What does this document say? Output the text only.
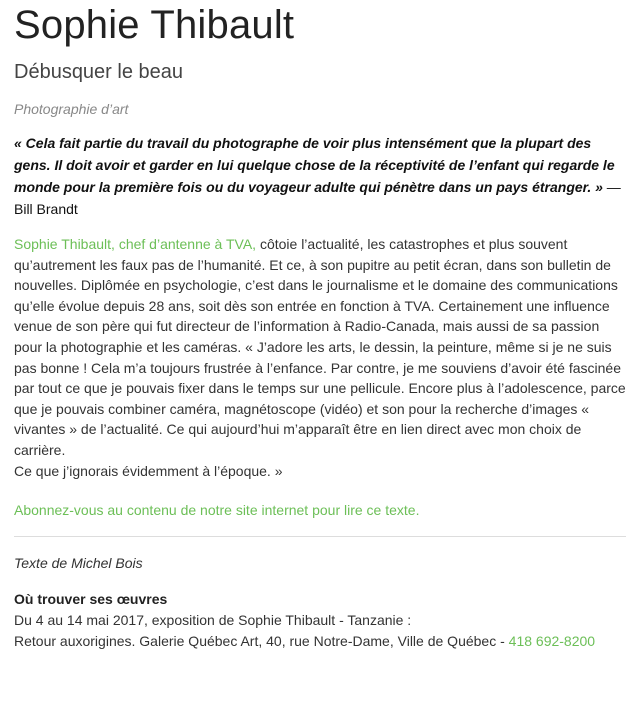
Sophie Thibault
Débusquer le beau
Photographie d’art

« Cela fait partie du travail du photographe de voir plus intensément que la plupart des gens. Il doit avoir et garder en lui quelque chose de la réceptivité de l’enfant qui regarde le monde pour la première fois ou du voyageur adulte qui pénètre dans un pays étranger. » — Bill Brandt

Sophie Thibault, chef d’antenne à TVA, côtoie l’actualité, les catastrophes et plus souvent qu’autrement les faux pas de l’humanité. Et ce, à son pupitre au petit écran, dans son bulletin de nouvelles. Diplômée en psychologie, c’est dans le journalisme et le domaine des communications qu’elle évolue depuis 28 ans, soit dès son entrée en fonction à TVA. Certainement une influence venue de son père qui fut directeur de l’information à Radio-Canada, mais aussi de sa passion pour la photographie et les caméras. « J’adore les arts, le dessin, la peinture, même si je ne suis pas bonne ! Cela m’a toujours frustrée à l’enfance. Par contre, je me souviens d’avoir été fascinée par tout ce que je pouvais fixer dans le temps sur une pellicule. Encore plus à l’adolescence, parce que je pouvais combiner caméra, magnétoscope (vidéo) et son pour la recherche d’images « vivantes » de l’actualité. Ce qui aujourd’hui m’apparaît être en lien direct avec mon choix de carrière.
Ce que j’ignorais évidemment à l’époque. »

Abonnez-vous au contenu de notre site internet pour lire ce texte.
Texte de Michel Bois
Où trouver ses œuvres

Du 4 au 14 mai 2017, exposition de Sophie Thibault - Tanzanie :
Retour auxorigines. Galerie Québec Art, 40, rue Notre-Dame, Ville de Québec - 418 692-8200
